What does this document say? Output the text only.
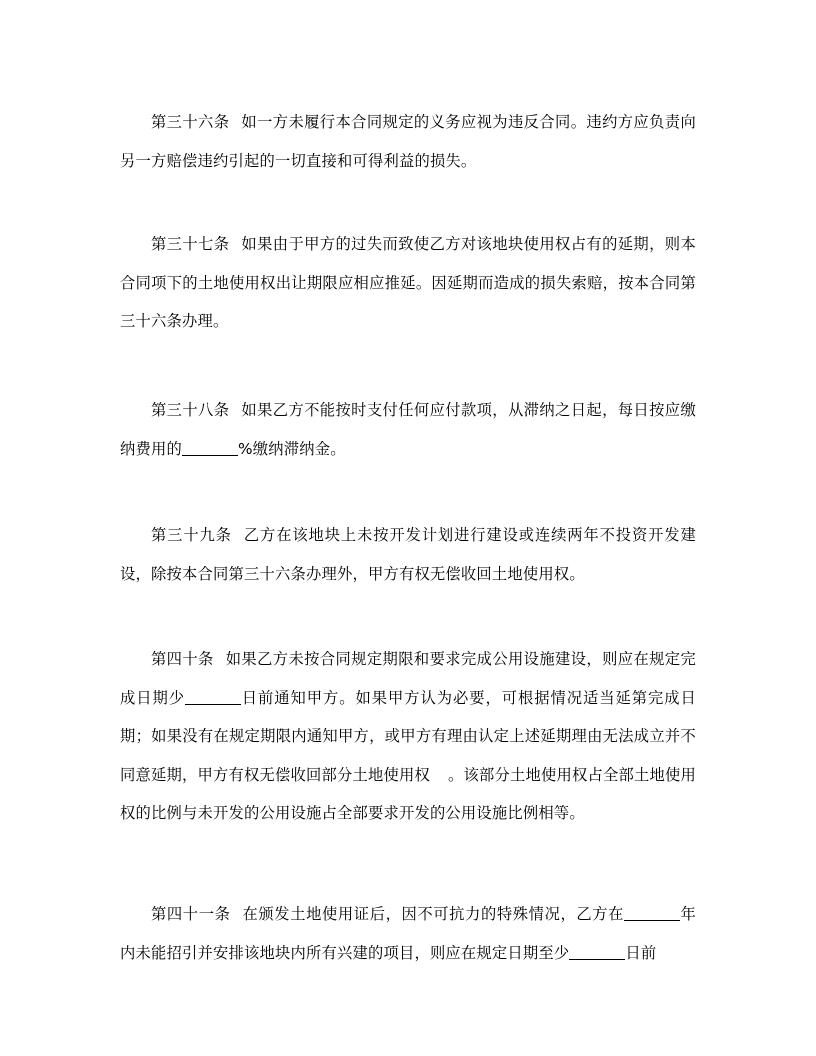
第三十六条 如一方未履行本合同规定的义务应视为违反合同。违约方应负责向另一方赔偿违约引起的一切直接和可得利益的损失。

第三十七条 如果由于甲方的过失而致使乙方对该地块使用权占有的延期，则本合同项下的土地使用权出让期限应相应推延。因延期而造成的损失索赔，按本合同第三十六条办理。

第三十八条 如果乙方不能按时支付任何应付款项，从滞纳之日起，每日按应缴纳费用的	%缴纳滞纳金。

第三十九条 乙方在该地块上未按开发计划进行建设或连续两年不投资开发建设，除按本合同第三十六条办理外，甲方有权无偿收回土地使用权。

第四十条 如果乙方未按合同规定期限和要求完成公用设施建设，则应在规定完成日期少	日前通知甲方。如果甲方认为必要，可根据情况适当延第完成日期；如果没有在规定期限内通知甲方，或甲方有理由认定上述延期理由无法成立并不同意延期，甲方有权无偿收回部分土地使用权 。该部分土地使用权占全部土地使用权的比例与未开发的公用设施占全部要求开发的公用设施比例相等。

第四十一条 在颁发土地使用证后，因不可抗力的特殊情况，乙方在	年内未能招引并安排该地块内所有兴建的项目，则应在规定日期至少	日前
